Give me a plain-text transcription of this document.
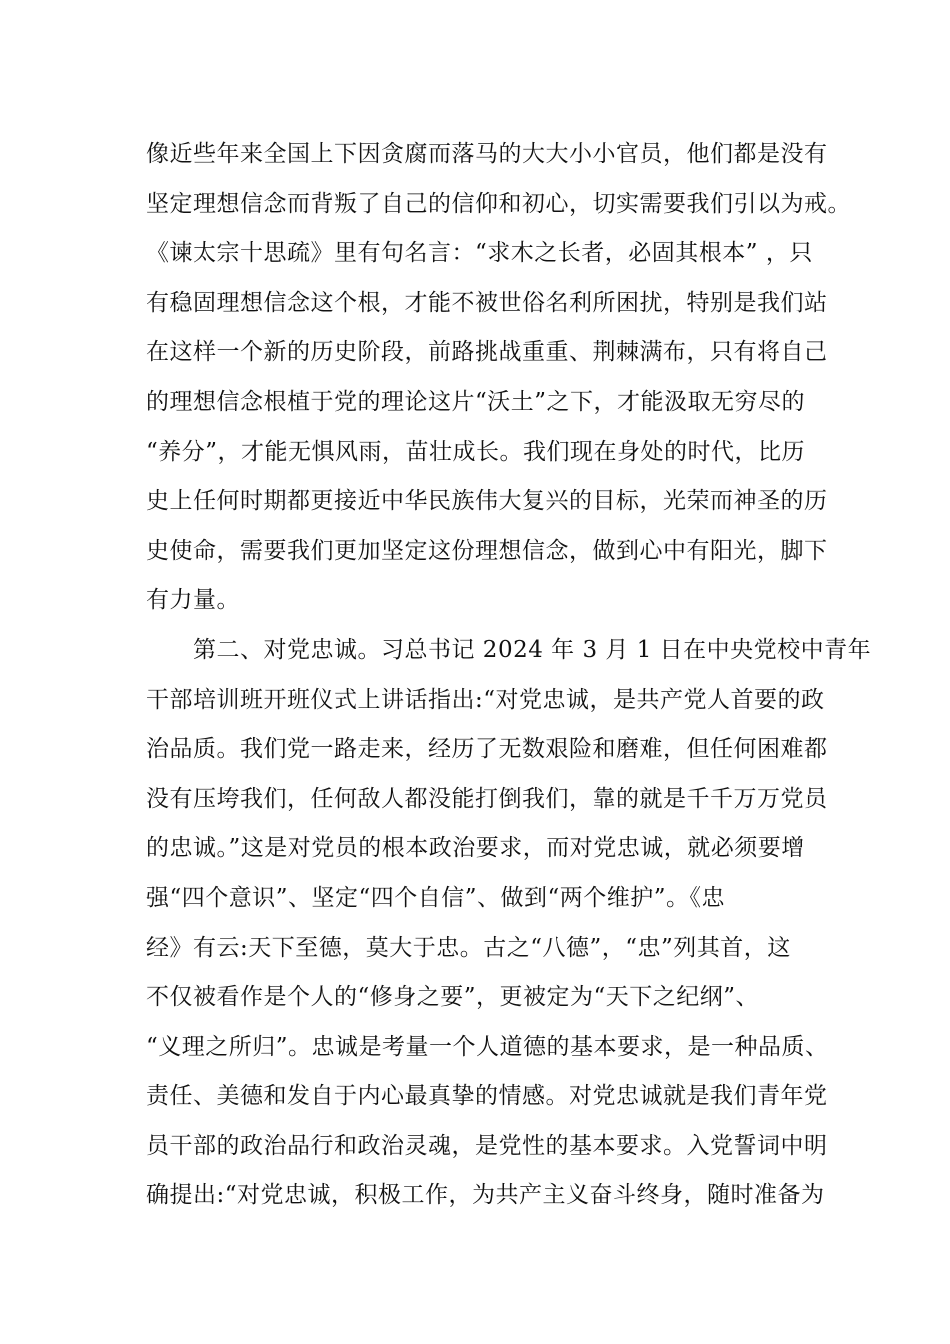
像近些年来全国上下因贪腐而落马的大大小小官员，他们都是没有
坚定理想信念而背叛了自己的信仰和初心，切实需要我们引以为戒。
《谏太宗十思疏》里有句名言：“求木之长者，必固其根本” ，只
有稳固理想信念这个根，才能不被世俗名利所困扰，特别是我们站
在这样一个新的历史阶段，前路挑战重重、荆棘满布，只有将自己
的理想信念根植于党的理论这片“沃土”之下，才能汲取无穷尽的
“养分”，才能无惧风雨，苗壮成长。我们现在身处的时代，比历
史上任何时期都更接近中华民族伟大复兴的目标，光荣而神圣的历
史使命，需要我们更加坚定这份理想信念，做到心中有阳光，脚下
有力量。
　　第二、对党忠诚。习总书记 2024 年 3 月 1 日在中央党校中青年
干部培训班开班仪式上讲话指出:“对党忠诚，是共产党人首要的政
治品质。我们党一路走来，经历了无数艰险和磨难，但任何困难都
没有压垮我们，任何敌人都没能打倒我们，靠的就是千千万万党员
的忠诚。”这是对党员的根本政治要求，而对党忠诚，就必须要增
强“四个意识”、坚定“四个自信”、做到“两个维护”。《忠
经》有云:天下至德，莫大于忠。古之“八德”，“忠”列其首，这
不仅被看作是个人的“修身之要”，更被定为“天下之纪纲”、
“义理之所归”。忠诚是考量一个人道德的基本要求，是一种品质、
责任、美德和发自于内心最真挚的情感。对党忠诚就是我们青年党
员干部的政治品行和政治灵魂，是党性的基本要求。入党誓词中明
确提出:“对党忠诚，积极工作，为共产主义奋斗终身，随时准备为
